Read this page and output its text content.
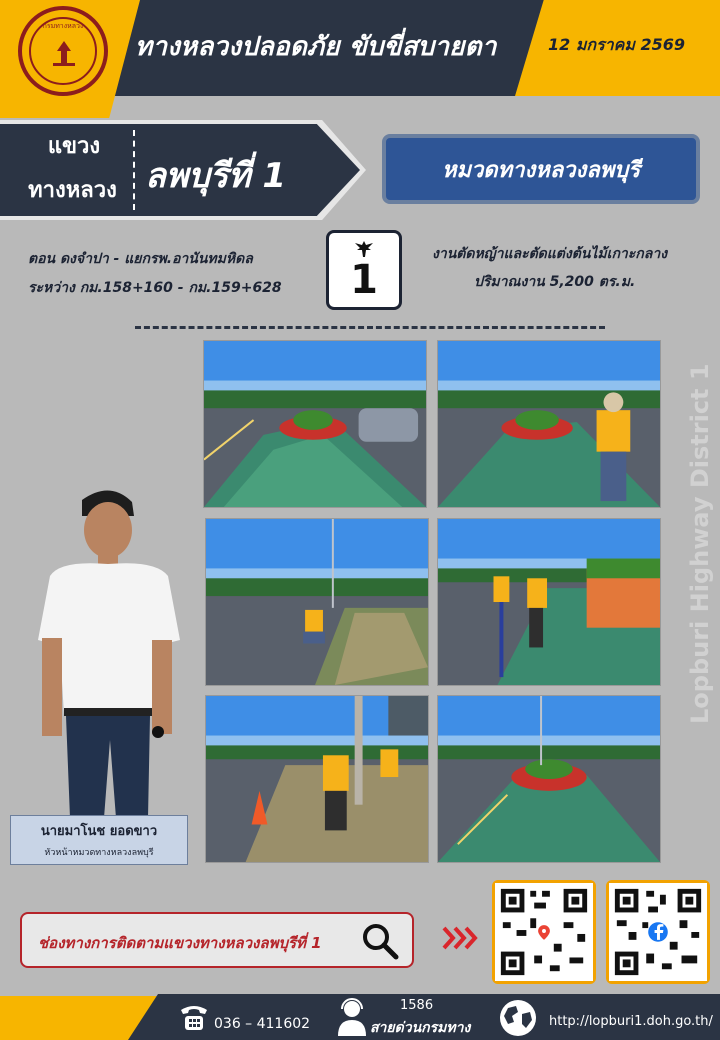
กรมทางหลวง
ทางหลวงปลอดภัย ขับขี่สบายตา	12 มกราคม 2569
แขวง
ทางหลวง ลพบุรีที่ 1	หมวดทางหลวงลพบุรี
ตอน ดงจำปา - แยกรพ.อานันทมหิดล
ระหว่าง กม.158+160 - กม.159+628 1
งานตัดหญ้าและตัดแต่งต้นไม้เกาะกลาง
ปริมาณงาน 5,200 ตร.ม.
นายมาโนช ยอดขาว
หัวหน้าหมวดทางหลวงลพบุรี
Lopburi Highway District 1
ช่องทางการติดตามแขวงทางหลวงลพบุรีที่ 1
036 – 411602
1586
สายด่วนกรมทาง	http://lopburi1.doh.go.th/
